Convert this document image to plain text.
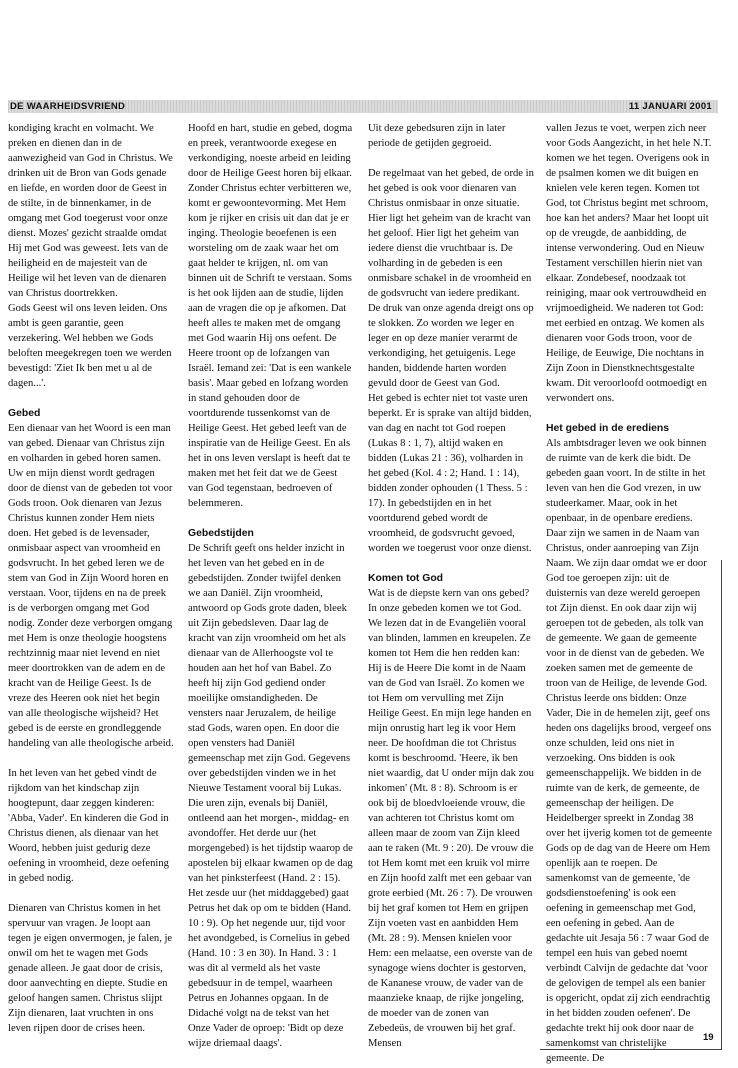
DE WAARHEIDSVRIEND	11 JANUARI 2001

kondiging kracht en volmacht. We preken en dienen dan in de aanwezigheid van God in Christus. We drinken uit de Bron van Gods genade en liefde, en worden door de Geest in de stilte, in de binnenkamer, in de omgang met God toegerust voor onze dienst. Mozes' gezicht straalde omdat Hij met God was geweest. Iets van de heiligheid en de majesteit van de Heilige wil het leven van de dienaren van Christus doortrekken.

Gods Geest wil ons leven leiden. Ons ambt is geen garantie, geen verzekering. Wel hebben we Gods beloften meegekregen toen we werden bevestigd: 'Ziet Ik ben met u al de dagen...'.

Gebed

Een dienaar van het Woord is een man van gebed. Dienaar van Christus zijn en volharden in gebed horen samen. Uw en mijn dienst wordt gedragen door de dienst van de gebeden tot voor Gods troon. Ook dienaren van Jezus Christus kunnen zonder Hem niets doen. Het gebed is de levensader, onmisbaar aspect van vroomheid en godsvrucht. In het gebed leren we de stem van God in Zijn Woord horen en verstaan. Voor, tijdens en na de preek is de verborgen omgang met God nodig. Zonder deze verborgen omgang met Hem is onze theologie hoogstens rechtzinnig maar niet levend en niet meer doortrokken van de adem en de kracht van de Heilige Geest. Is de vreze des Heeren ook niet het begin van alle theologische wijsheid? Het gebed is de eerste en grondleggende handeling van alle theologische arbeid.

In het leven van het gebed vindt de rijkdom van het kindschap zijn hoogtepunt, daar zeggen kinderen: 'Abba, Vader'. En kinderen die God in Christus dienen, als dienaar van het Woord, hebben juist gedurig deze oefening in vroomheid, deze oefening in gebed nodig.

Dienaren van Christus komen in het spervuur van vragen. Je loopt aan tegen je eigen onvermogen, je falen, je onwil om het te wagen met Gods genade alleen. Je gaat door de crisis, door aanvechting en diepte. Studie en geloof hangen samen. Christus slijpt Zijn dienaren, laat vruchten in ons leven rijpen door de crises heen.

Hoofd en hart, studie en gebed, dogma en preek, verantwoorde exegese en verkondiging, noeste arbeid en leiding door de Heilige Geest horen bij elkaar. Zonder Christus echter verbitteren we, komt er gewoontevorming. Met Hem kom je rijker en crisis uit dan dat je er inging. Theologie beoefenen is een worsteling om de zaak waar het om gaat helder te krijgen, nl. om van binnen uit de Schrift te verstaan. Soms is het ook lijden aan de studie, lijden aan de vragen die op je afkomen. Dat heeft alles te maken met de omgang met God waarin Hij ons oefent. De Heere troont op de lofzangen van Israël. Iemand zei: 'Dat is een wankele basis'. Maar gebed en lofzang worden in stand gehouden door de voortdurende tussenkomst van de Heilige Geest. Het gebed leeft van de inspiratie van de Heilige Geest. En als het in ons leven verslapt is heeft dat te maken met het feit dat we de Geest van God tegenstaan, bedroeven of belemmeren.

Gebedstijden

De Schrift geeft ons helder inzicht in het leven van het gebed en in de gebedstijden. Zonder twijfel denken we aan Daniël. Zijn vroomheid, antwoord op Gods grote daden, bleek uit Zijn gebedsleven. Daar lag de kracht van zijn vroomheid om het als dienaar van de Allerhoogste vol te houden aan het hof van Babel. Zo heeft hij zijn God gediend onder moeilijke omstandigheden. De vensters naar Jeruzalem, de heilige stad Gods, waren open. En door die open vensters had Daniël gemeenschap met zijn God. Gegevens over gebedstijden vinden we in het Nieuwe Testament vooral bij Lukas. Die uren zijn, evenals bij Daniël, ontleend aan het morgen-, middag- en avondoffer. Het derde uur (het morgengebed) is het tijdstip waarop de apostelen bij elkaar kwamen op de dag van het pinksterfeest (Hand. 2 : 15). Het zesde uur (het middaggebed) gaat Petrus het dak op om te bidden (Hand. 10 : 9). Op het negende uur, tijd voor het avondgebed, is Cornelius in gebed (Hand. 10 : 3 en 30). In Hand. 3 : 1 was dit al vermeld als het vaste gebedsuur in de tempel, waarheen Petrus en Johannes opgaan. In de Didaché volgt na de tekst van het Onze Vader de oproep: 'Bidt op deze wijze driemaal daags'.

Uit deze gebedsuren zijn in later periode de getijden gegroeid.

De regelmaat van het gebed, de orde in het gebed is ook voor dienaren van Christus onmisbaar in onze situatie. Hier ligt het geheim van de kracht van het geloof. Hier ligt het geheim van iedere dienst die vruchtbaar is. De volharding in de gebeden is een onmisbare schakel in de vroomheid en de godsvrucht van iedere predikant. De druk van onze agenda dreigt ons op te slokken. Zo worden we leger en leger en op deze manier verarmt de verkondiging, het getuigenis. Lege handen, biddende harten worden gevuld door de Geest van God.

Het gebed is echter niet tot vaste uren beperkt. Er is sprake van altijd bidden, van dag en nacht tot God roepen (Lukas 8 : 1, 7), altijd waken en bidden (Lukas 21 : 36), volharden in het gebed (Kol. 4 : 2; Hand. 1 : 14), bidden zonder ophouden (1 Thess. 5 : 17). In gebedstijden en in het voortdurend gebed wordt de vroomheid, de godsvrucht gevoed, worden we toegerust voor onze dienst.

Komen tot God

Wat is de diepste kern van ons gebed? In onze gebeden komen we tot God. We lezen dat in de Evangeliën vooral van blinden, lammen en kreupelen. Ze komen tot Hem die hen redden kan: Hij is de Heere Die komt in de Naam van de God van Israël. Zo komen we tot Hem om vervulling met Zijn Heilige Geest. En mijn lege handen en mijn onrustig hart leg ik voor Hem neer. De hoofdman die tot Christus komt is beschroomd. 'Heere, ik ben niet waardig, dat U onder mijn dak zou inkomen' (Mt. 8 : 8). Schroom is er ook bij de bloedvloeiende vrouw, die van achteren tot Christus komt om alleen maar de zoom van Zijn kleed aan te raken (Mt. 9 : 20). De vrouw die tot Hem komt met een kruik vol mirre en Zijn hoofd zalft met een gebaar van grote eerbied (Mt. 26 : 7). De vrouwen bij het graf komen tot Hem en grijpen Zijn voeten vast en aanbidden Hem (Mt. 28 : 9). Mensen knielen voor Hem: een melaatse, een overste van de synagoge wiens dochter is gestorven, de Kananese vrouw, de vader van de maanzieke knaap, de rijke jongeling, de moeder van de zonen van Zebedeüs, de vrouwen bij het graf. Mensen

vallen Jezus te voet, werpen zich neer voor Gods Aangezicht, in het hele N.T. komen we het tegen. Overigens ook in de psalmen komen we dit buigen en knielen vele keren tegen. Komen tot God, tot Christus begint met schroom, hoe kan het anders? Maar het loopt uit op de vreugde, de aanbidding, de intense verwondering. Oud en Nieuw Testament verschillen hierin niet van elkaar. Zondebesef, noodzaak tot reiniging, maar ook vertrouwdheid en vrijmoedigheid. We naderen tot God: met eerbied en ontzag. We komen als dienaren voor Gods troon, voor de Heilige, de Eeuwige, Die nochtans in Zijn Zoon in Dienstknechtsgestalte kwam. Dit veroorloofd ootmoedigt en verwondert ons.

Het gebed in de erediens

Als ambtsdrager leven we ook binnen de ruimte van de kerk die bidt. De gebeden gaan voort. In de stilte in het leven van hen die God vrezen, in uw studeerkamer. Maar, ook in het openbaar, in de openbare erediens. Daar zijn we samen in de Naam van Christus, onder aanroeping van Zijn Naam. We zijn daar omdat we er door God toe geroepen zijn: uit de duisternis van deze wereld geroepen tot Zijn dienst. En ook daar zijn wij geroepen tot de gebeden, als tolk van de gemeente. We gaan de gemeente voor in de dienst van de gebeden. We zoeken samen met de gemeente de troon van de Heilige, de levende God. Christus leerde ons bidden: Onze Vader, Die in de hemelen zijt, geef ons heden ons dagelijks brood, vergeef ons onze schulden, leid ons niet in verzoeking. Ons bidden is ook gemeenschappelijk. We bidden in de ruimte van de kerk, de gemeente, de gemeenschap der heiligen. De Heidelberger spreekt in Zondag 38 over het ijverig komen tot de gemeente Gods op de dag van de Heere om Hem openlijk aan te roepen. De samenkomst van de gemeente, 'de godsdienstoefening' is ook een oefening in gemeenschap met God, een oefening in gebed. Aan de gedachte uit Jesaja 56 : 7 waar God de tempel een huis van gebed noemt verbindt Calvijn de gedachte dat 'voor de gelovigen de tempel als een banier is opgericht, opdat zij zich eendrachtig in het bidden zouden oefenen'. De gedachte trekt hij ook door naar de samenkomst van christelijke gemeente. De

19
